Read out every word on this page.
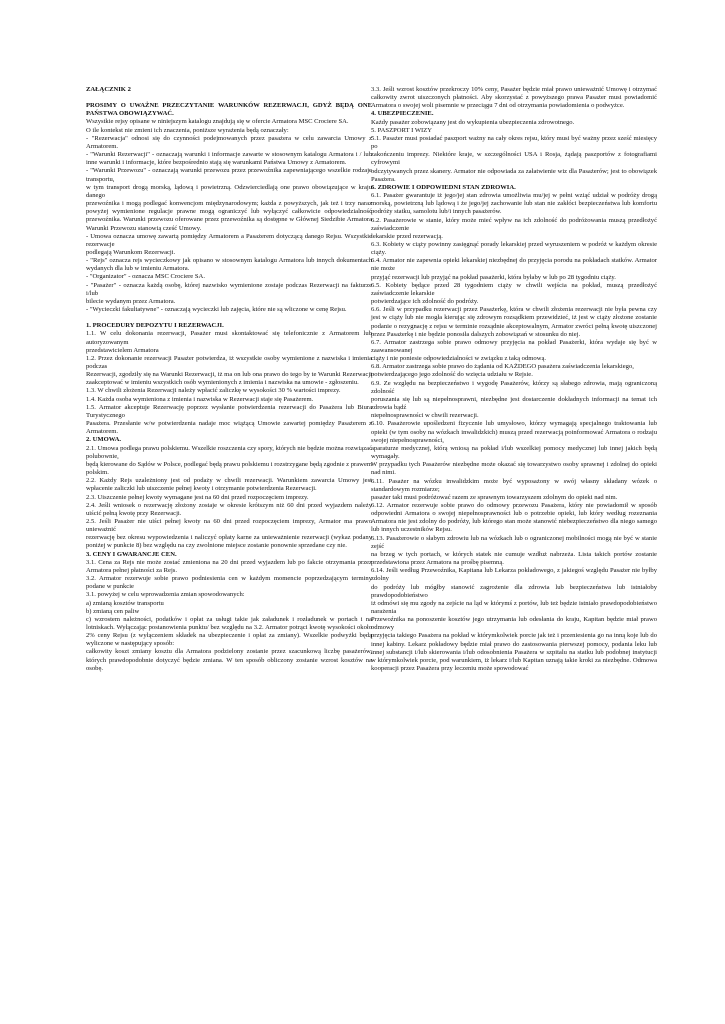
ZAŁĄCZNIK 2

PROSIMY O UWAŻNE PRZECZYTANIE WARUNKÓW REZERWACJI, GDYŻ BĘDĄ ONE PAŃSTWA OBOWIĄZYWAĆ.

Wszystkie rejsy opisane w niniejszym katalogu znajdują się w ofercie Armatora MSC Crociere SA.

O ile kontekst nie zmieni ich znaczenia, poniższe wyrażenia będą oznaczały:

- "Rezerwacja" odnosi się do czynności podejmowanych przez pasażera w celu zawarcia Umowy z Armatorem.

- "Warunki Rezerwacji" - oznaczają warunki i informacje zawarte w stosownym katalogu Armatora i / lub inne warunki i informacje, które bezpośrednio stają się warunkami Państwa Umowy z Armatorem.

- "Warunki Przewozu" - oznaczają warunki przewozu przez przewoźnika zapewniającego wszelkie rodzaje transportu,

w tym transport drogą morską, lądową i powietrzną. Odzwierciedlają one prawo obowiązujące w kraju danego

przewoźnika i mogą podlegać konwencjom międzynarodowym; każda z powyższych, jak też i trzy naraz powyżej wymienione regulacje prawne mogą ograniczyć lub wyłączyć całkowicie odpowiedzialność przewoźnika. Warunki przewozu oferowane przez przewoźnika są dostępne w Głównej Siedzibie Armatora Warunki Przewozu stanowią cześć Umowy.

- Umowa oznacza umowę zawartą pomiędzy Armatorem a Pasażerem dotyczącą danego Rejsu. Wszystkie rezerwacje

podlegają Warunkom Rezerwacji.

- "Rejs" oznacza rejs wycieczkowy jak opisano w stosownym katalogu Armatora lub innych dokumentach wydanych dla lub w imieniu Armatora.

- "Organizator" - oznacza MSC Crociere SA.

- "Pasażer" - oznacza każdą osobę, której nazwisko wymienione zostaje podczas Rezerwacji na fakturze i/lub

bilecie wydanym przez Armatora.

- "Wycieczki fakultatywne" - oznaczają wycieczki lub zajęcia, które nie są wliczone w cenę Rejsu.

1. PROCEDURY DEPOZYTU I REZERWACJI.

1.1. W celu dokonania rezerwacji, Pasażer musi skontaktować się telefonicznie z Armatorem lub autoryzowanym

przedstawicielem Armatora

1.2. Przez dokonanie rezerwacji Pasażer potwierdza, iż wszystkie osoby wymienione z nazwiska i imienia podczas

Rezerwacji, zgodziły się na Warunki Rezerwacji, iż ma on lub ona prawo do tego by te Warunki Rezerwacji zaakceptować w imieniu wszystkich osób wymienionych z imienia i nazwiska na umowie - zgłoszeniu.

1.3. W chwili złożenia Rezerwacji należy wpłacić zaliczkę w wysokości 30 % wartości imprezy.

1.4. Każda osoba wymieniona z imienia i nazwiska w Rezerwacji staje się Pasażerem.

1.5. Armator akceptuje Rezerwację poprzez wysłanie potwierdzenia rezerwacji do Pasażera lub Biura Turystycznego

Pasażera. Przesłanie w/w potwierdzenia nadaje moc wiążącą Umowie zawartej pomiędzy Pasażerem z Armatorem.

2. UMOWA.

2.1. Umowa podlega prawu polskiemu. Wszelkie roszczenia czy spory, których nie będzie można rozwiązać polubownie,

będą kierowane do Sądów w Polsce, podlegać będą prawu polskiemu i rozstrzygane będą zgodnie z prawem polskim.

2.2. Każdy Rejs uzależniony jest od podaży w chwili rezerwacji. Warunkiem zawarcia Umowy jest wpłacenie zaliczki lub uiszczenie pełnej kwoty i otrzymanie potwierdzenia Rezerwacji.

2.3. Uiszczenie pełnej kwoty wymagane jest na 60 dni przed rozpoczęciem imprezy.

2.4. Jeśli wniosek o rezerwację złożony zostaje w okresie krótszym niż 60 dni przed wyjazdem należy uiścić pełną kwotę przy Rezerwacji.

2.5. Jeśli Pasażer nie uiści pełnej kwoty na 60 dni przed rozpoczęciem imprezy, Armator ma prawo unieważnić

rezerwację bez okresu wypowiedzenia i naliczyć opłaty karne za unieważnienie rezerwacji (wykaz podany poniżej w punkcie 8) bez względu na czy zwolnione miejsce zostanie ponownie sprzedane czy nie.

3. CENY I GWARANCJE CEN.

3.1. Cena za Rejs nie może zostać zmieniona na 20 dni przed wyjazdem lub po fakcie otrzymania przez Armatora pełnej płatności za Rejs.

3.2. Armator rezerwuje sobie prawo podniesienia cen w każdym momencie poprzedzającym terminy podane w punkcie

3.1. powyżej w celu wprowadzenia zmian spowodowanych:

a) zmianą kosztów transportu

b) zmianą cen paliw

c) wzrostem należności, podatków i opłat za usługi takie jak załadunek i rozładunek w portach i na lotniskach. Wyłączając postanowienia punktu/ bez względu na 3.2. Armator potrąci kwotę wysokości około 2% ceny Rejsu (z wyłączeniem składek na ubezpieczenie i opłat za zmiany). Wszelkie podwyżki będą wyliczone w następujący sposób:

całkowity koszt zmiany kosztu dla Armatora podzielony zostanie przez szacunkową liczbę pasażerów, których prawdopodobnie dotyczyć będzie zmiana. W ten sposób obliczony zostanie wzrost kosztów na osobę.

3.3. Jeśli wzrost kosztów przekroczy 10% ceny, Pasażer będzie miał prawo unieważnić Umowę i otrzymać całkowity zwrot uiszczonych płatności. Aby skorzystać z powyższego prawa Pasażer musi powiadomić Armatora o swojej woli pisemnie w przeciągu 7 dni od otrzymania powiadomienia o podwyżce.

4. UBEZPIECZENIE.

Każdy pasażer zobowiązany jest do wykupienia ubezpieczenia zdrowotnego.

5. PASZPORT I WIZY

5.1. Pasażer musi posiadać paszport ważny na cały okres rejsu, który musi być ważny przez sześć miesięcy po

zakończeniu imprezy. Niektóre kraje, w szczególności USA i Rosja, żądają paszportów z fotografiami cyfrowymi

odczytywanych przez skanery. Armator nie odpowiada za załatwienie wiz dla Pasażerów; jest to obowiązek Pasażera.

6. ZDROWIE I ODPOWIEDNI STAN ZDROWIA.

6.1. Pasażer gwarantuje iż jego/jej stan zdrowia umożliwia mu/jej w pełni wziąć udział w podróży drogą morską, powietrzną lub lądową i że jego/jej zachowanie lub stan nie zakłóci bezpieczeństwa lub komfortu podróży statku, samolotu lub/i innych pasażerów.

6.2. Pasażerowie w stanie, który może mieć wpływ na ich zdolność do podróżowania muszą przedłożyć zaświadczenie

lekarskie przed rezerwacją.

6.3. Kobiety w ciąży powinny zasięgnąć porady lekarskiej przed wyruszeniem w podróż w każdym okresie ciąży.

6.4. Armator nie zapewnia opieki lekarskiej niezbędnej do przyjęcia porodu na pokładach statków. Armator nie może

przyjąć rezerwacji lub przyjąć na pokład pasażerki, która byłaby w lub po 28 tygodniu ciąży.

6.5. Kobiety będące przed 28 tygodniem ciąży w chwili wejścia na pokład, muszą przedłożyć zaświadczenie lekarskie

potwierdzające ich zdolność do podróży.

6.6. Jeśli w przypadku rezerwacji przez Pasażerkę, która w chwili złożenia rezerwacji nie była pewna czy jest w ciąży lub nie mogła kierując się zdrowym rozsądkiem przewidzieć, iż jest w ciąży złożone zostanie podanie o rezygnację z rejsu w terminie rozsądnie akceptowalnym, Armator zwróci pełną kwotę uiszczonej przez Pasażerkę i nie będzie ponosiła dalszych zobowiązań w stosunku do niej.

6.7. Armator zastrzega sobie prawo odmowy przyjęcia na pokład Pasażerki, która wydaje się być w zaawansowanej

ciąży i nie poniesie odpowiedzialności w związku z taką odmową.

6.8. Armator zastrzega sobie prawo do żądania od KAŻDEGO pasażera zaświadczenia lekarskiego,

potwierdzającego jego zdolność do wzięcia udziału w Rejsie.

6.9. Ze względu na bezpieczeństwo i wygodę Pasażerów, którzy są słabego zdrowia, mają ograniczoną zdolność

poruszania się lub są niepełnosprawni, niezbędne jest dostarczenie dokładnych informacji na temat ich zdrowia bądź

niepełnosprawności w chwili rezerwacji.

6.10. Pasażerowie upośledzeni fizycznie lub umysłowo, którzy wymagają specjalnego traktowania lub opieki (w tym osoby na wózkach inwalidzkich) muszą przed rezerwacją poinformować Armatora o rodzaju swojej niepełnosprawności,

aparaturze medycznej, którą wniosą na pokład i/lub wszelkiej pomocy medycznej lub innej jakich będą wymagały.

W przypadku tych Pasażerów niezbędne może okazać się towarzystwo osoby sprawnej i zdolnej do opieki nad nimi.

6.11. Pasażer na wózku inwalidzkim może być wyposażony w swój własny składany wózek o standardowym rozmiarze;

pasażer taki musi podróżować razem ze sprawnym towarzyszem zdolnym do opieki nad nim.

6.12. Armator rezerwuje sobie prawo do odmowy przewozu Pasażera, który nie powiadomił w sposób odpowiedni Armatora o swojej niepełnosprawności lub o potrzebie opieki, lub który według rozeznania Armatora nie jest zdolny do podróży, lub którego stan może stanowić niebezpieczeństwo dla niego samego lub innych uczestników Rejsu.

6.13. Pasażerowie o słabym zdrowiu lub na wózkach lub o ograniczonej mobilności mogą nie być w stanie zejść

na brzeg w tych portach, w których statek nie cumuje wzdłuż nabrzeża. Lista takich portów zostanie przedstawiona przez Armatora na prośbę pisemną.

6.14. Jeśli według Przewoźnika, Kapitana lub Lekarza pokładowego, z jakiegoś względu Pasażer nie byłby zdolny

do podróży lub mógłby stanowić zagrożenie dla zdrowia lub bezpieczeństwa lub istniałoby prawdopodobieństwo

iż odmówi się mu zgody na zejście na ląd w którymś z portów, lub też będzie istniało prawdopodobieństwo narażenia

Przewoźnika na ponoszenie kosztów jego utrzymania lub odesłania do kraju, Kapitan będzie miał prawo odmowy

przyjęcia takiego Pasażera na pokład w którymkolwiek porcie jak też i przeniesienia go na inną koje lub do innej kabiny. Lekarz pokładowy będzie miał prawo do zastosowania pierwszej pomocy, podania leku lub innej substancji i/lub skierowania i/lub odosobnienia Pasażera w szpitalu na statku lub podobnej instytucji w którymkolwiek porcie, pod warunkiem, iż lekarz i/lub Kapitan uznają takie kroki za niezbędne. Odmowa kooperacji przez Pasażera przy leczeniu może spowodować
